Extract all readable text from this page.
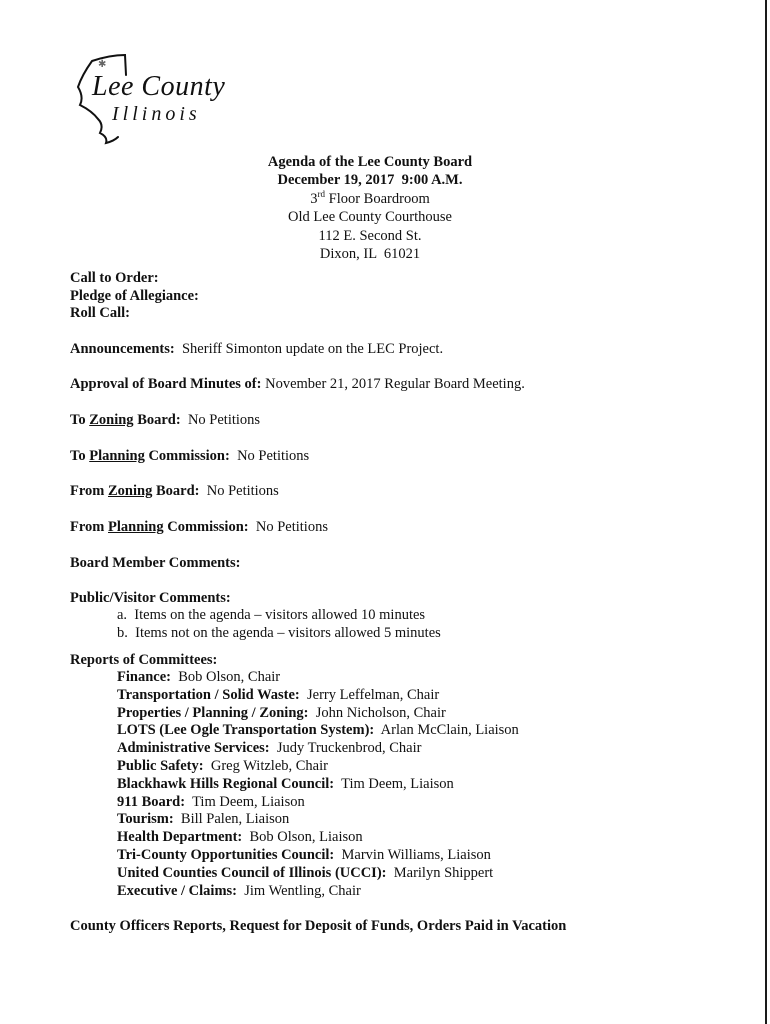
✱
Lee County
Illinois
Agenda of the Lee County Board
December 19, 2017  9:00 A.M.
3rd Floor Boardroom
Old Lee County Courthouse
112 E. Second St.
Dixon, IL  61021
Call to Order:
Pledge of Allegiance:
Roll Call:
Announcements:  Sheriff Simonton update on the LEC Project.
Approval of Board Minutes of: November 21, 2017 Regular Board Meeting.
To Zoning Board:  No Petitions
To Planning Commission:  No Petitions
From Zoning Board:  No Petitions
From Planning Commission:  No Petitions
Board Member Comments:
Public/Visitor Comments:
a.  Items on the agenda – visitors allowed 10 minutes
b.  Items not on the agenda – visitors allowed 5 minutes
Reports of Committees:
Finance:  Bob Olson, Chair
Transportation / Solid Waste:  Jerry Leffelman, Chair
Properties / Planning / Zoning:  John Nicholson, Chair
LOTS (Lee Ogle Transportation System):  Arlan McClain, Liaison
Administrative Services:  Judy Truckenbrod, Chair
Public Safety:  Greg Witzleb, Chair
Blackhawk Hills Regional Council:  Tim Deem, Liaison
911 Board:  Tim Deem, Liaison
Tourism:  Bill Palen, Liaison
Health Department:  Bob Olson, Liaison
Tri-County Opportunities Council:  Marvin Williams, Liaison
United Counties Council of Illinois (UCCI):  Marilyn Shippert
Executive / Claims:  Jim Wentling, Chair
County Officers Reports, Request for Deposit of Funds, Orders Paid in Vacation
